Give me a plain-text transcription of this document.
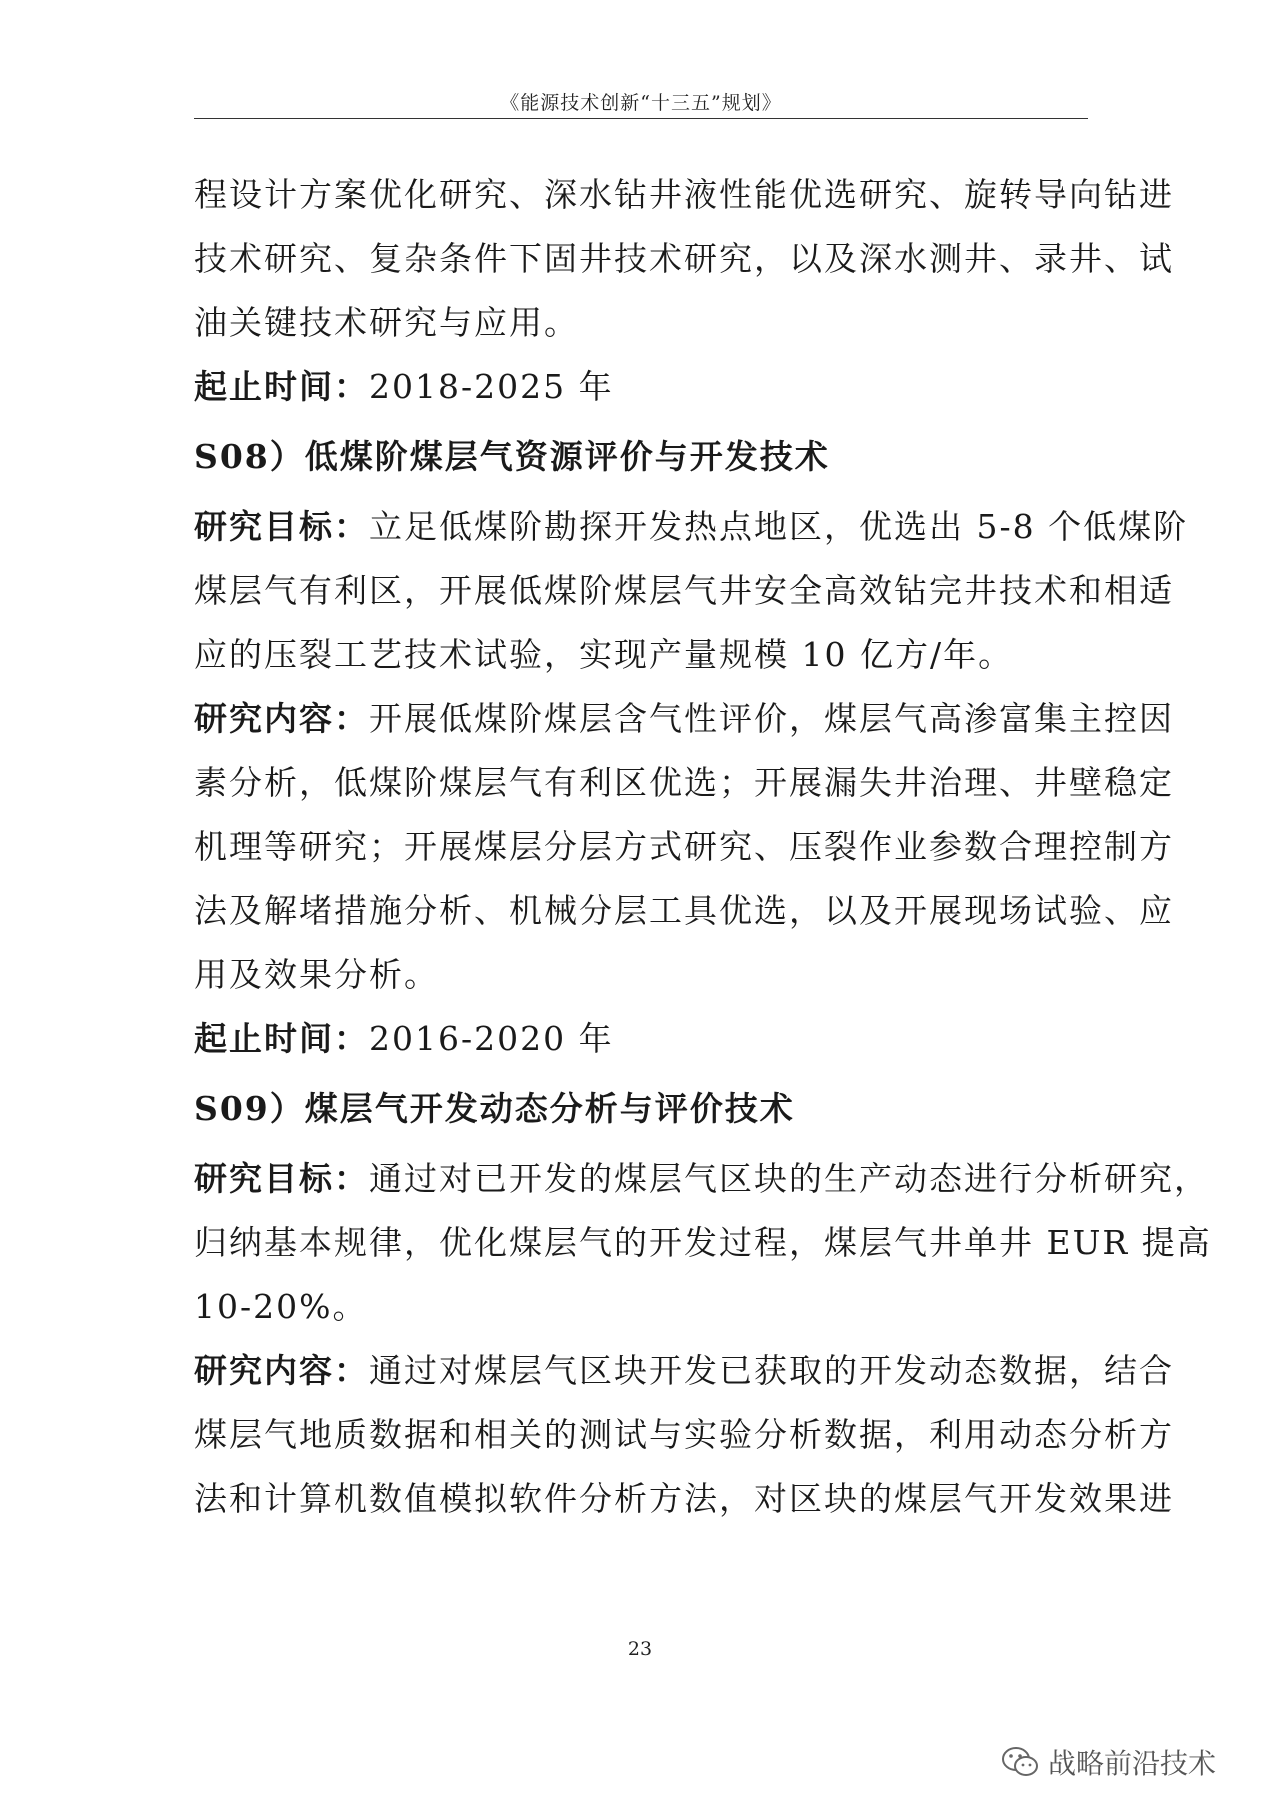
《能源技术创新“十三五”规划》
程设计方案优化研究、深水钻井液性能优选研究、旋转导向钻进
技术研究、复杂条件下固井技术研究，以及深水测井、录井、试
油关键技术研究与应用。
起止时间：2018-2025 年
S08）低煤阶煤层气资源评价与开发技术
研究目标：立足低煤阶勘探开发热点地区，优选出 5-8 个低煤阶
煤层气有利区，开展低煤阶煤层气井安全高效钻完井技术和相适
应的压裂工艺技术试验，实现产量规模 10 亿方/年。
研究内容：开展低煤阶煤层含气性评价，煤层气高渗富集主控因
素分析，低煤阶煤层气有利区优选；开展漏失井治理、井壁稳定
机理等研究；开展煤层分层方式研究、压裂作业参数合理控制方
法及解堵措施分析、机械分层工具优选，以及开展现场试验、应
用及效果分析。
起止时间：2016-2020 年
S09）煤层气开发动态分析与评价技术
研究目标：通过对已开发的煤层气区块的生产动态进行分析研究，
归纳基本规律，优化煤层气的开发过程，煤层气井单井 EUR 提高
10-20%。
研究内容：通过对煤层气区块开发已获取的开发动态数据，结合
煤层气地质数据和相关的测试与实验分析数据，利用动态分析方
法和计算机数值模拟软件分析方法，对区块的煤层气开发效果进
23
战略前沿技术
